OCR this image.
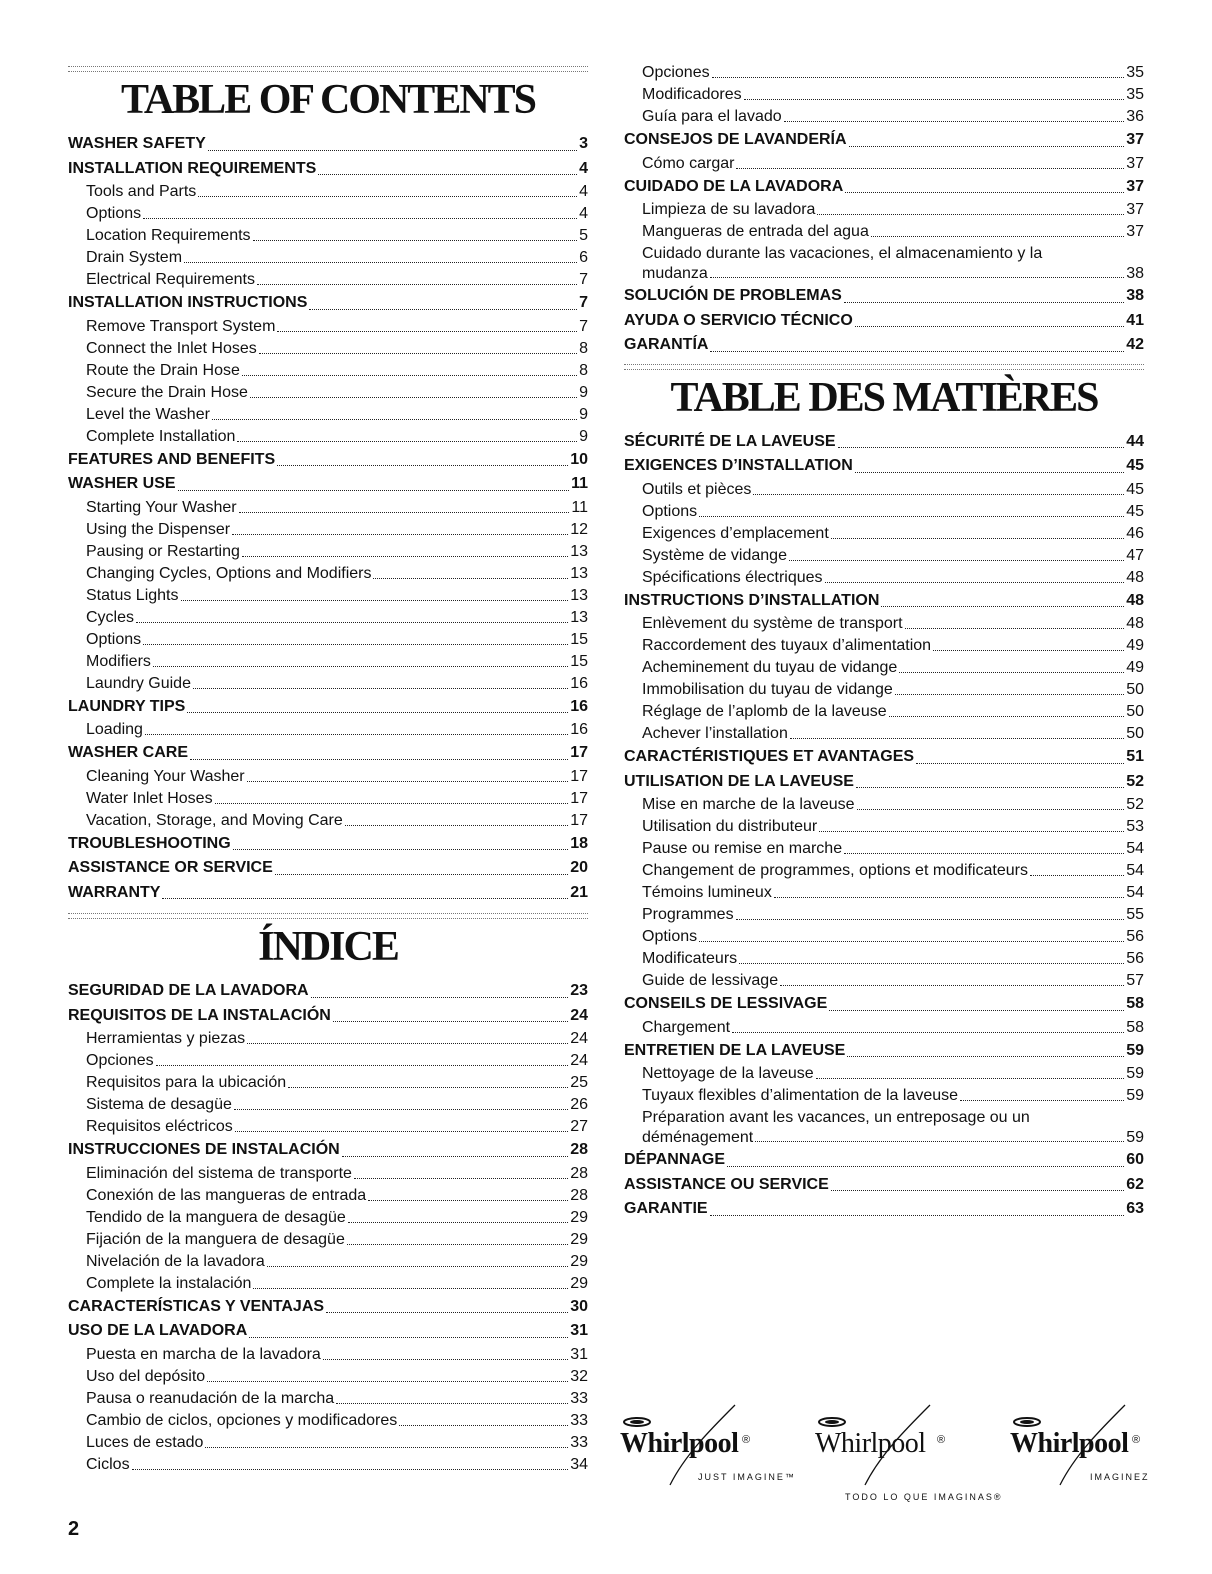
TABLE OF CONTENTS
WASHER SAFETY	3
INSTALLATION REQUIREMENTS	4
Tools and Parts	4
Options	4
Location Requirements	5
Drain System	6
Electrical Requirements	7
INSTALLATION INSTRUCTIONS	7
Remove Transport System	7
Connect the Inlet Hoses	8
Route the Drain Hose	8
Secure the Drain Hose	9
Level the Washer	9
Complete Installation	9
FEATURES AND BENEFITS	10
WASHER USE	11
Starting Your Washer	11
Using the Dispenser	12
Pausing or Restarting	13
Changing Cycles, Options and Modifiers	13
Status Lights	13
Cycles	13
Options	15
Modifiers	15
Laundry Guide	16
LAUNDRY TIPS	16
Loading	16
WASHER CARE	17
Cleaning Your Washer	17
Water Inlet Hoses	17
Vacation, Storage, and Moving Care	17
TROUBLESHOOTING	18
ASSISTANCE OR SERVICE	20
WARRANTY	21
ÍNDICE
SEGURIDAD DE LA LAVADORA	23
REQUISITOS DE LA INSTALACIÓN	24
Herramientas y piezas	24
Opciones	24
Requisitos para la ubicación	25
Sistema de desagüe	26
Requisitos eléctricos	27
INSTRUCCIONES DE INSTALACIÓN	28
Eliminación del sistema de transporte	28
Conexión de las mangueras de entrada	28
Tendido de la manguera de desagüe	29
Fijación de la manguera de desagüe	29
Nivelación de la lavadora	29
Complete la instalación	29
CARACTERÍSTICAS Y VENTAJAS	30
USO DE LA LAVADORA	31
Puesta en marcha de la lavadora	31
Uso del depósito	32
Pausa o reanudación de la marcha	33
Cambio de ciclos, opciones y modificadores	33
Luces de estado	33
Ciclos	34
Opciones	35
Modificadores	35
Guía para el lavado	36
CONSEJOS DE LAVANDERÍA	37
Cómo cargar	37
CUIDADO DE LA LAVADORA	37
Limpieza de su lavadora	37
Mangueras de entrada del agua	37
Cuidado durante las vacaciones, el almacenamiento y la
mudanza	38
SOLUCIÓN DE PROBLEMAS	38
AYUDA O SERVICIO TÉCNICO	41
GARANTÍA	42
TABLE DES MATIÈRES
SÉCURITÉ DE LA LAVEUSE	44
EXIGENCES D’INSTALLATION	45
Outils et pièces	45
Options	45
Exigences d’emplacement	46
Système de vidange	47
Spécifications électriques	48
INSTRUCTIONS D’INSTALLATION	48
Enlèvement du système de transport	48
Raccordement des tuyaux d’alimentation	49
Acheminement du tuyau de vidange	49
Immobilisation du tuyau de vidange	50
Réglage de l’aplomb de la laveuse	50
Achever l’installation	50
CARACTÉRISTIQUES ET AVANTAGES	51
UTILISATION DE LA LAVEUSE	52
Mise en marche de la laveuse	52
Utilisation du distributeur	53
Pause ou remise en marche	54
Changement de programmes, options et modificateurs	54
Témoins lumineux	54
Programmes	55
Options	56
Modificateurs	56
Guide de lessivage	57
CONSEILS DE LESSIVAGE	58
Chargement	58
ENTRETIEN DE LA LAVEUSE	59
Nettoyage de la laveuse	59
Tuyaux flexibles d’alimentation de la laveuse	59
Préparation avant les vacances, un entreposage ou un
déménagement	59
DÉPANNAGE	60
ASSISTANCE OU SERVICE	62
GARANTIE	63
Whirlpool ®
JUST IMAGINE™
Whirlpool ®
TODO LO QUE IMAGINAS®
Whirlpool ®
IMAGINEZ
2
